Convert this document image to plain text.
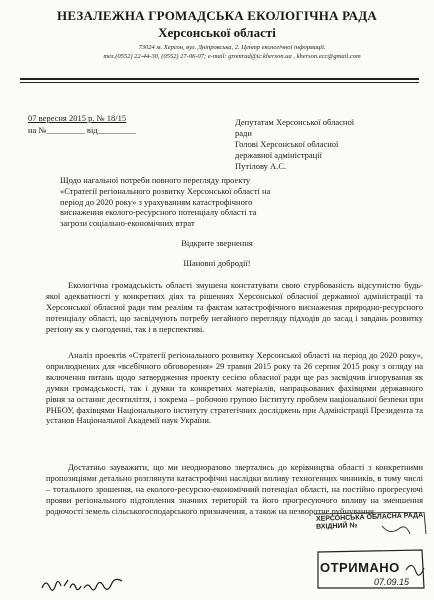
НЕЗАЛЕЖНА ГРОМАДСЬКА ЕКОЛОГІЧНА РАДА
Херсонської області
73024 м. Херсон, вул. Дніпровська, 2. Центр екологічної інформації.
тел.(0552) 22-44-30, (0552) 27-06-07; e-mail: gromrad@ic.kherson.ua , kherson.ecc@gmail.com
07 вересня 2015 р. № 18/15
на №_________ від_________
Депутатам Херсонської обласної
ради
Голові Херсонської обласної
державної адміністрації
Путілову А.С.
Щодо нагальної потреби повного перегляду проекту «Стратегії регіонального розвитку Херсонської області на період до 2020 року» з урахуванням катастрофічного виснаження еколого-ресурсного потенціалу області та загрози соціально-економічних втрат
Відкрите звернення
Шановні добродії!
Екологічна громадськість області змушена констатувати свою стурбованість відсутністю будь-якої адекватності у конкретних діях та рішеннях Херсонської обласної державної адміністрації та Херсонської обласної ради тим реаліям та фактам катастрофічного виснаження природно-ресурсного потенціалу області, що засвідчують потребу негайного перегляду підходів до засад і завдань розвитку регіону як у сьогоденні, так і в перспективі.
Аналіз проектів «Стратегії регіонального розвитку Херсонської області на період до 2020 року», оприлюднених для «всебічного обговорення» 29 травня 2015 року та 26 серпня 2015 року з огляду на включення питань щодо затвердження проекту сесією обласної ради ще раз засвідчив ігнорування як думки громадськості, так і думки та конкретних матеріалів, напрацьованих фахівцями державного рівня за останнє десятиліття, і зокрема – робочою групою Інституту проблем національної безпеки при РНБОУ, фахівцями Національного інституту стратегічних досліджень при Адміністрації Президента та установ Національної Академії наук України.
Достатньо зауважити, що ми неодноразово звертались до керівництва області з конкретними пропозиціями детально розглянути катастрофічні наслідки впливу техногенних чинників, в тому числі – тотального зрошення, на еколого-ресурсно-економічний потенціал області, на постійно прогресуючі прояви регіонального підтоплення значних територій та його прогресуючого впливу на зменшення родючості земель сільськогосподарського призначення, а також на незворотне руйнування
ХЕРСОНСЬКА ОБЛАСНА РАДА
ВХІДНИЙ №
ОТРИМАНО
07.09.15
